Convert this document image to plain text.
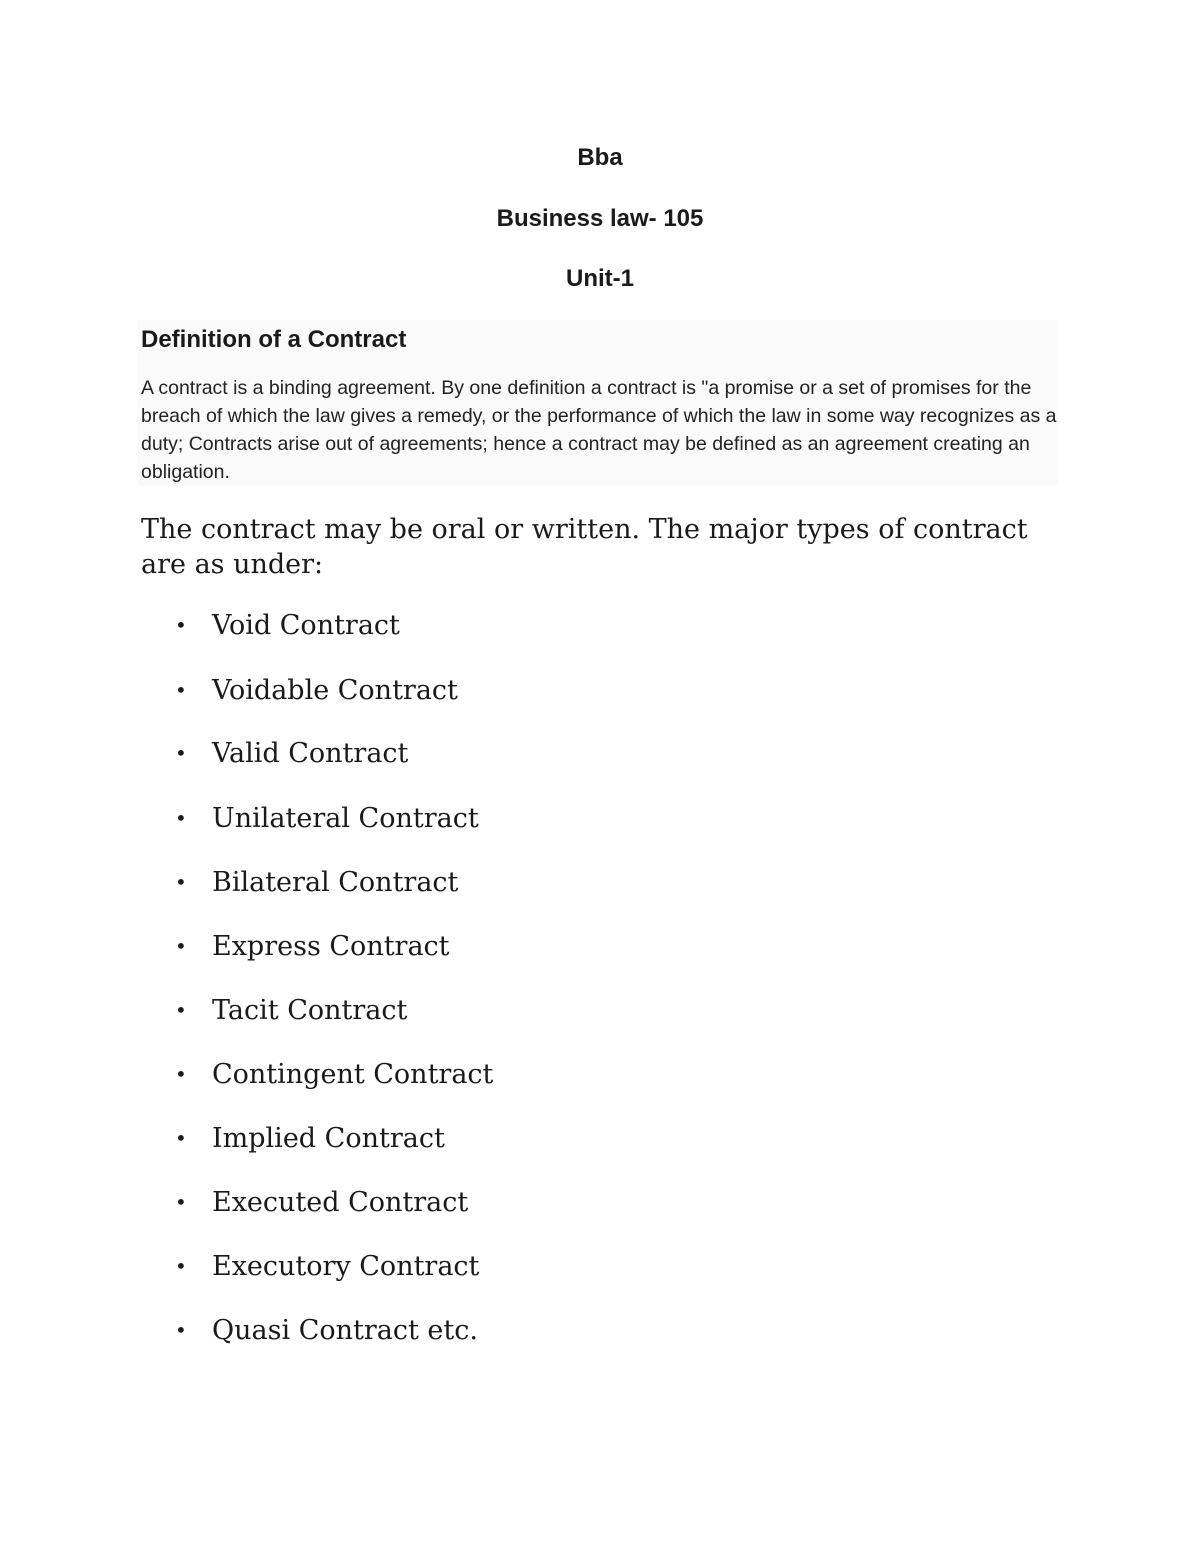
Bba
Business law- 105
Unit-1
Definition of a Contract
A contract is a binding agreement. By one definition a contract is "a promise or a set of promises for the breach of which the law gives a remedy, or the performance of which the law in some way recognizes as a duty; Contracts arise out of agreements; hence a contract may be defined as an agreement creating an obligation.
The contract may be oral or written. The major types of contract are as under:
• Void Contract
• Voidable Contract
• Valid Contract
• Unilateral Contract
• Bilateral Contract
• Express Contract
• Tacit Contract
• Contingent Contract
• Implied Contract
• Executed Contract
• Executory Contract
• Quasi Contract etc.
